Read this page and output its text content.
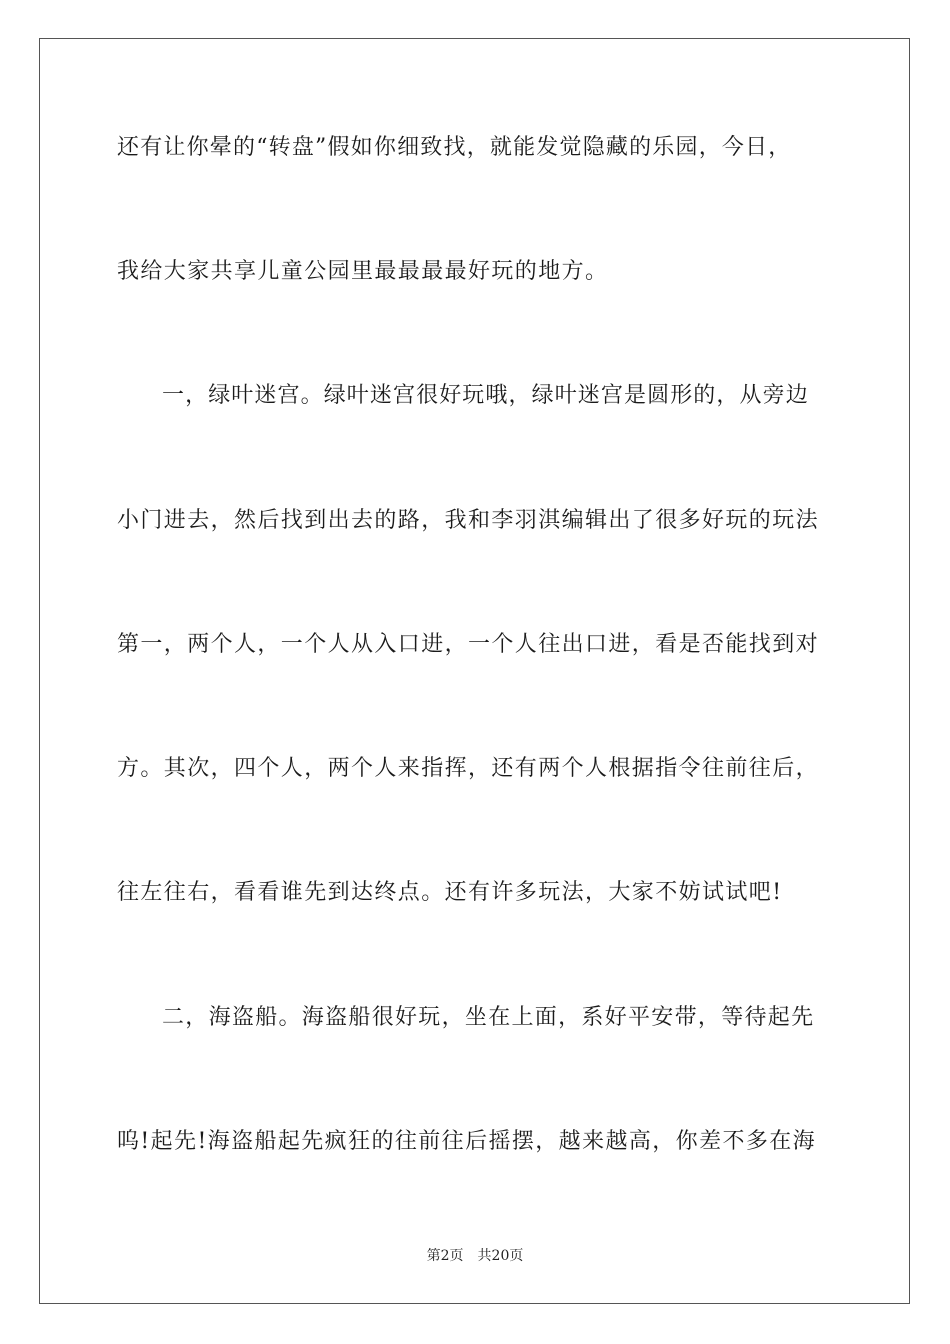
还有让你晕的“转盘”假如你细致找，就能发觉隐藏的乐园，今日，
我给大家共享儿童公园里最最最最好玩的地方。
一，绿叶迷宫。绿叶迷宫很好玩哦，绿叶迷宫是圆形的，从旁边
小门进去，然后找到出去的路，我和李羽淇编辑出了很多好玩的玩法
第一，两个人，一个人从入口进，一个人往出口进，看是否能找到对
方。其次，四个人，两个人来指挥，还有两个人根据指令往前往后，
往左往右，看看谁先到达终点。还有许多玩法，大家不妨试试吧!
二，海盗船。海盗船很好玩，坐在上面，系好平安带，等待起先
呜!起先!海盗船起先疯狂的往前往后摇摆，越来越高，你差不多在海
第2页 共20页
